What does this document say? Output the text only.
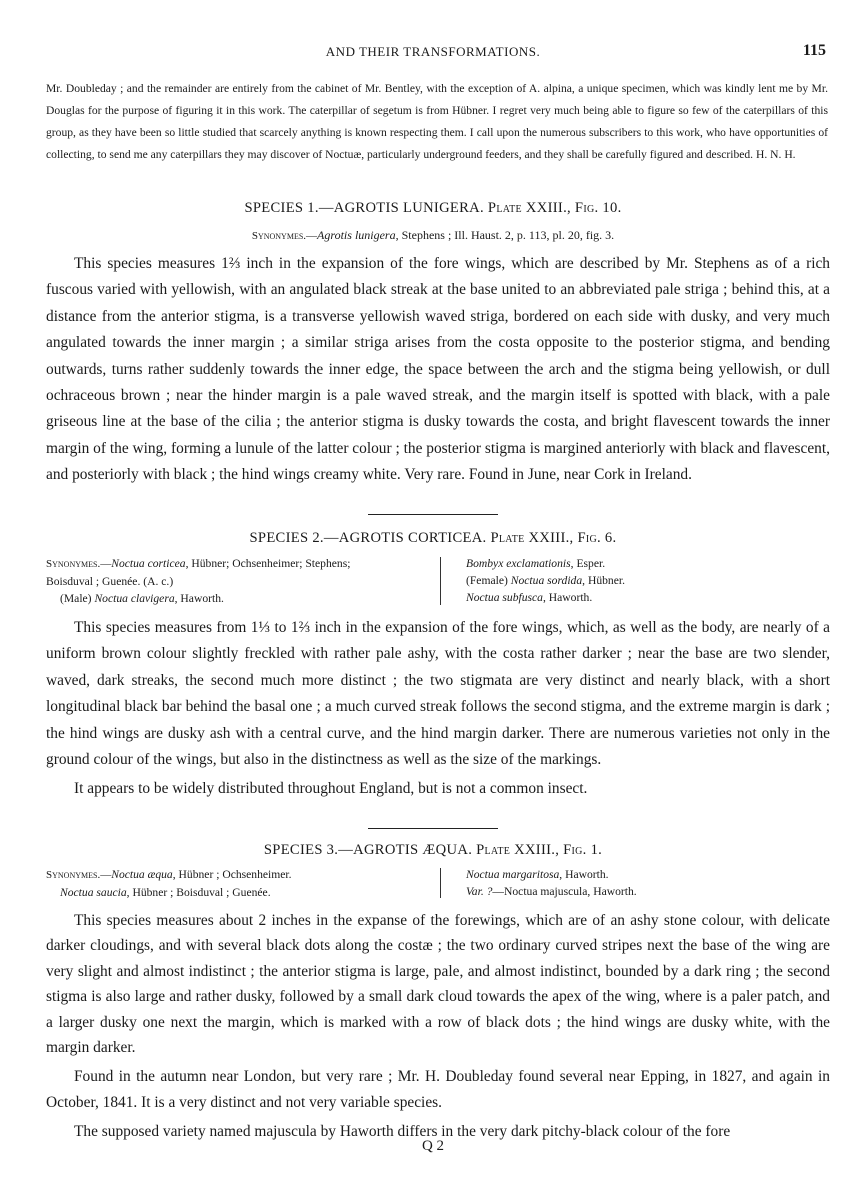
AND THEIR TRANSFORMATIONS.	115
Mr. Doubleday ; and the remainder are entirely from the cabinet of Mr. Bentley, with the exception of A. alpina, a unique specimen, which was kindly lent me by Mr. Douglas for the purpose of figuring it in this work. The caterpillar of segetum is from Hübner. I regret very much being able to figure so few of the caterpillars of this group, as they have been so little studied that scarcely anything is known respecting them. I call upon the numerous subscribers to this work, who have opportunities of collecting, to send me any caterpillars they may discover of Noctuæ, particularly underground feeders, and they shall be carefully figured and described. H. N. H.
SPECIES 1.—AGROTIS LUNIGERA. Plate XXIII., Fig. 10.
Synonymes.—Agrotis lunigera, Stephens ; Ill. Haust. 2, p. 113, pl. 20, fig. 3.

This species measures 1⅔ inch in the expansion of the fore wings, which are described by Mr. Stephens as of a rich fuscous varied with yellowish, with an angulated black streak at the base united to an abbreviated pale striga ; behind this, at a distance from the anterior stigma, is a transverse yellowish waved striga, bordered on each side with dusky, and very much angulated towards the inner margin ; a similar striga arises from the costa opposite to the posterior stigma, and bending outwards, turns rather suddenly towards the inner edge, the space between the arch and the stigma being yellowish, or dull ochraceous brown ; near the hinder margin is a pale waved streak, and the margin itself is spotted with black, with a pale griseous line at the base of the cilia ; the anterior stigma is dusky towards the costa, and bright flavescent towards the inner margin of the wing, forming a lunule of the latter colour ; the posterior stigma is margined anteriorly with black and flavescent, and posteriorly with black ; the hind wings creamy white. Very rare. Found in June, near Cork in Ireland.

SPECIES 2.—AGROTIS CORTICEA. Plate XXIII., Fig. 6.
Synonymes.—Noctua corticea, Hübner; Ochsenheimer; Stephens;
Boisduval ; Guenée. (A. c.)
(Male) Noctua clavigera, Haworth.
Bombyx exclamationis, Esper.
(Female) Noctua sordida, Hübner.
Noctua subfusca, Haworth.

This species measures from 1⅓ to 1⅔ inch in the expansion of the fore wings, which, as well as the body, are nearly of a uniform brown colour slightly freckled with rather pale ashy, with the costa rather darker ; near the base are two slender, waved, dark streaks, the second much more distinct ; the two stigmata are very distinct and nearly black, with a short longitudinal black bar behind the basal one ; a much curved streak follows the second stigma, and the extreme margin is dark ; the hind wings are dusky ash with a central curve, and the hind margin darker. There are numerous varieties not only in the ground colour of the wings, but also in the distinctness as well as the size of the markings.

It appears to be widely distributed throughout England, but is not a common insect.

SPECIES 3.—AGROTIS ÆQUA. Plate XXIII., Fig. 1.
Synonymes.—Noctua æqua, Hübner ; Ochsenheimer.
Noctua saucia, Hübner ; Boisduval ; Guenée.
Noctua margaritosa, Haworth.
Var. ?—Noctua majuscula, Haworth.

This species measures about 2 inches in the expanse of the forewings, which are of an ashy stone colour, with delicate darker cloudings, and with several black dots along the costæ ; the two ordinary curved stripes next the base of the wing are very slight and almost indistinct ; the anterior stigma is large, pale, and almost indistinct, bounded by a dark ring ; the second stigma is also large and rather dusky, followed by a small dark cloud towards the apex of the wing, where is a paler patch, and a larger dusky one next the margin, which is marked with a row of black dots ; the hind wings are dusky white, with the margin darker.

Found in the autumn near London, but very rare ; Mr. H. Doubleday found several near Epping, in 1827, and again in October, 1841. It is a very distinct and not very variable species.

The supposed variety named majuscula by Haworth differs in the very dark pitchy-black colour of the fore

Q 2
